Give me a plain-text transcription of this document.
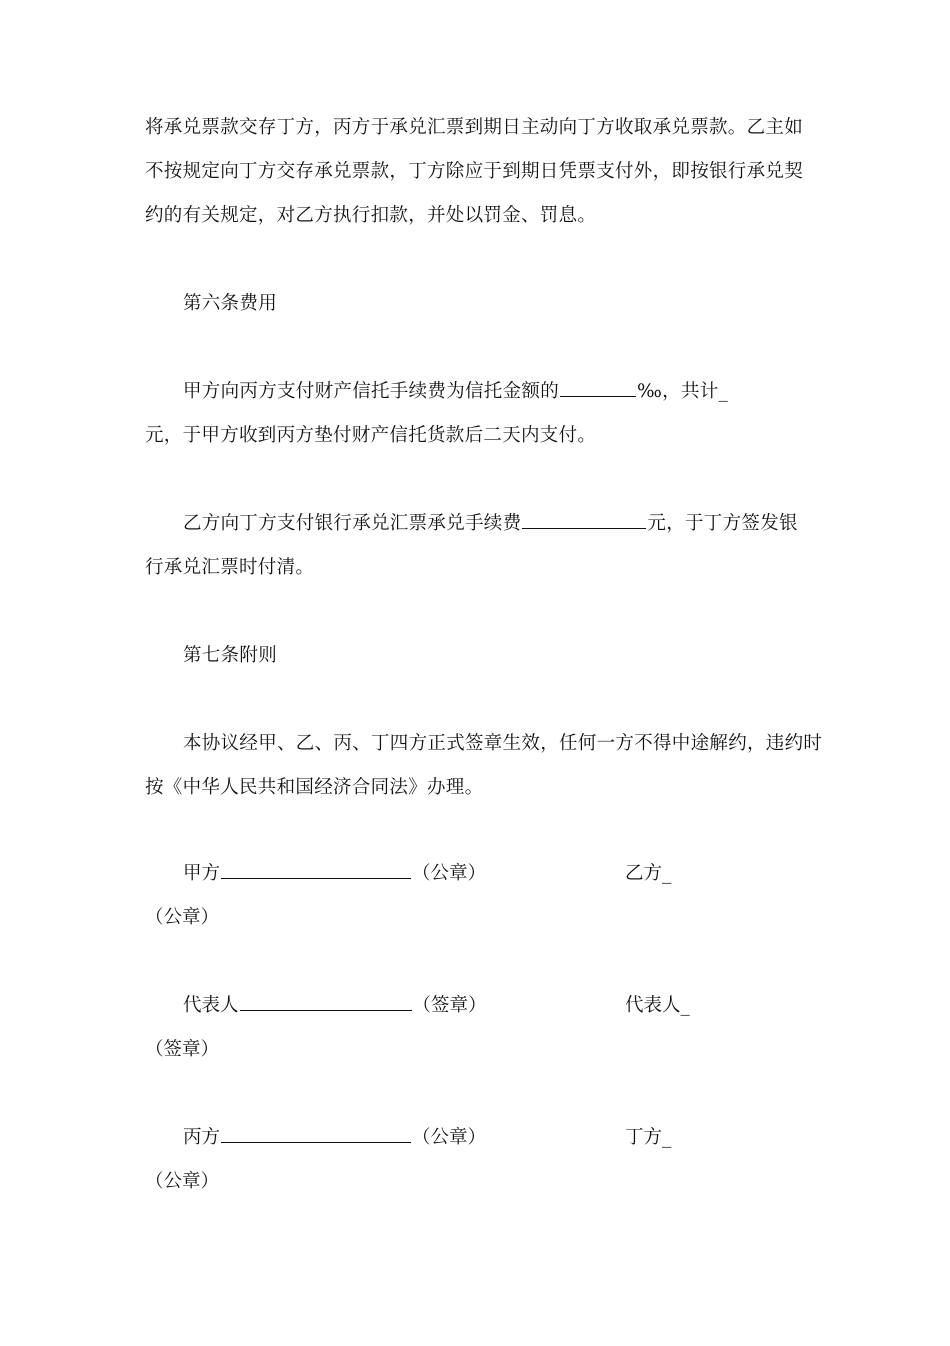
将承兑票款交存丁方，丙方于承兑汇票到期日主动向丁方收取承兑票款。乙主如
不按规定向丁方交存承兑票款，丁方除应于到期日凭票支付外，即按银行承兑契
约的有关规定，对乙方执行扣款，并处以罚金、罚息。
第六条费用
甲方向丙方支付财产信托手续费为信托金额的	‰，共计_
元，于甲方收到丙方垫付财产信托货款后二天内支付。
乙方向丁方支付银行承兑汇票承兑手续费	元，于丁方签发银
行承兑汇票时付清。
第七条附则
本协议经甲、乙、丙、丁四方正式签章生效，任何一方不得中途解约，违约时
按《中华人民共和国经济合同法》办理。
甲方	（公章）	乙方_
（公章）
代表人	（签章）	代表人_
（签章）
丙方	（公章）	丁方_
（公章）
